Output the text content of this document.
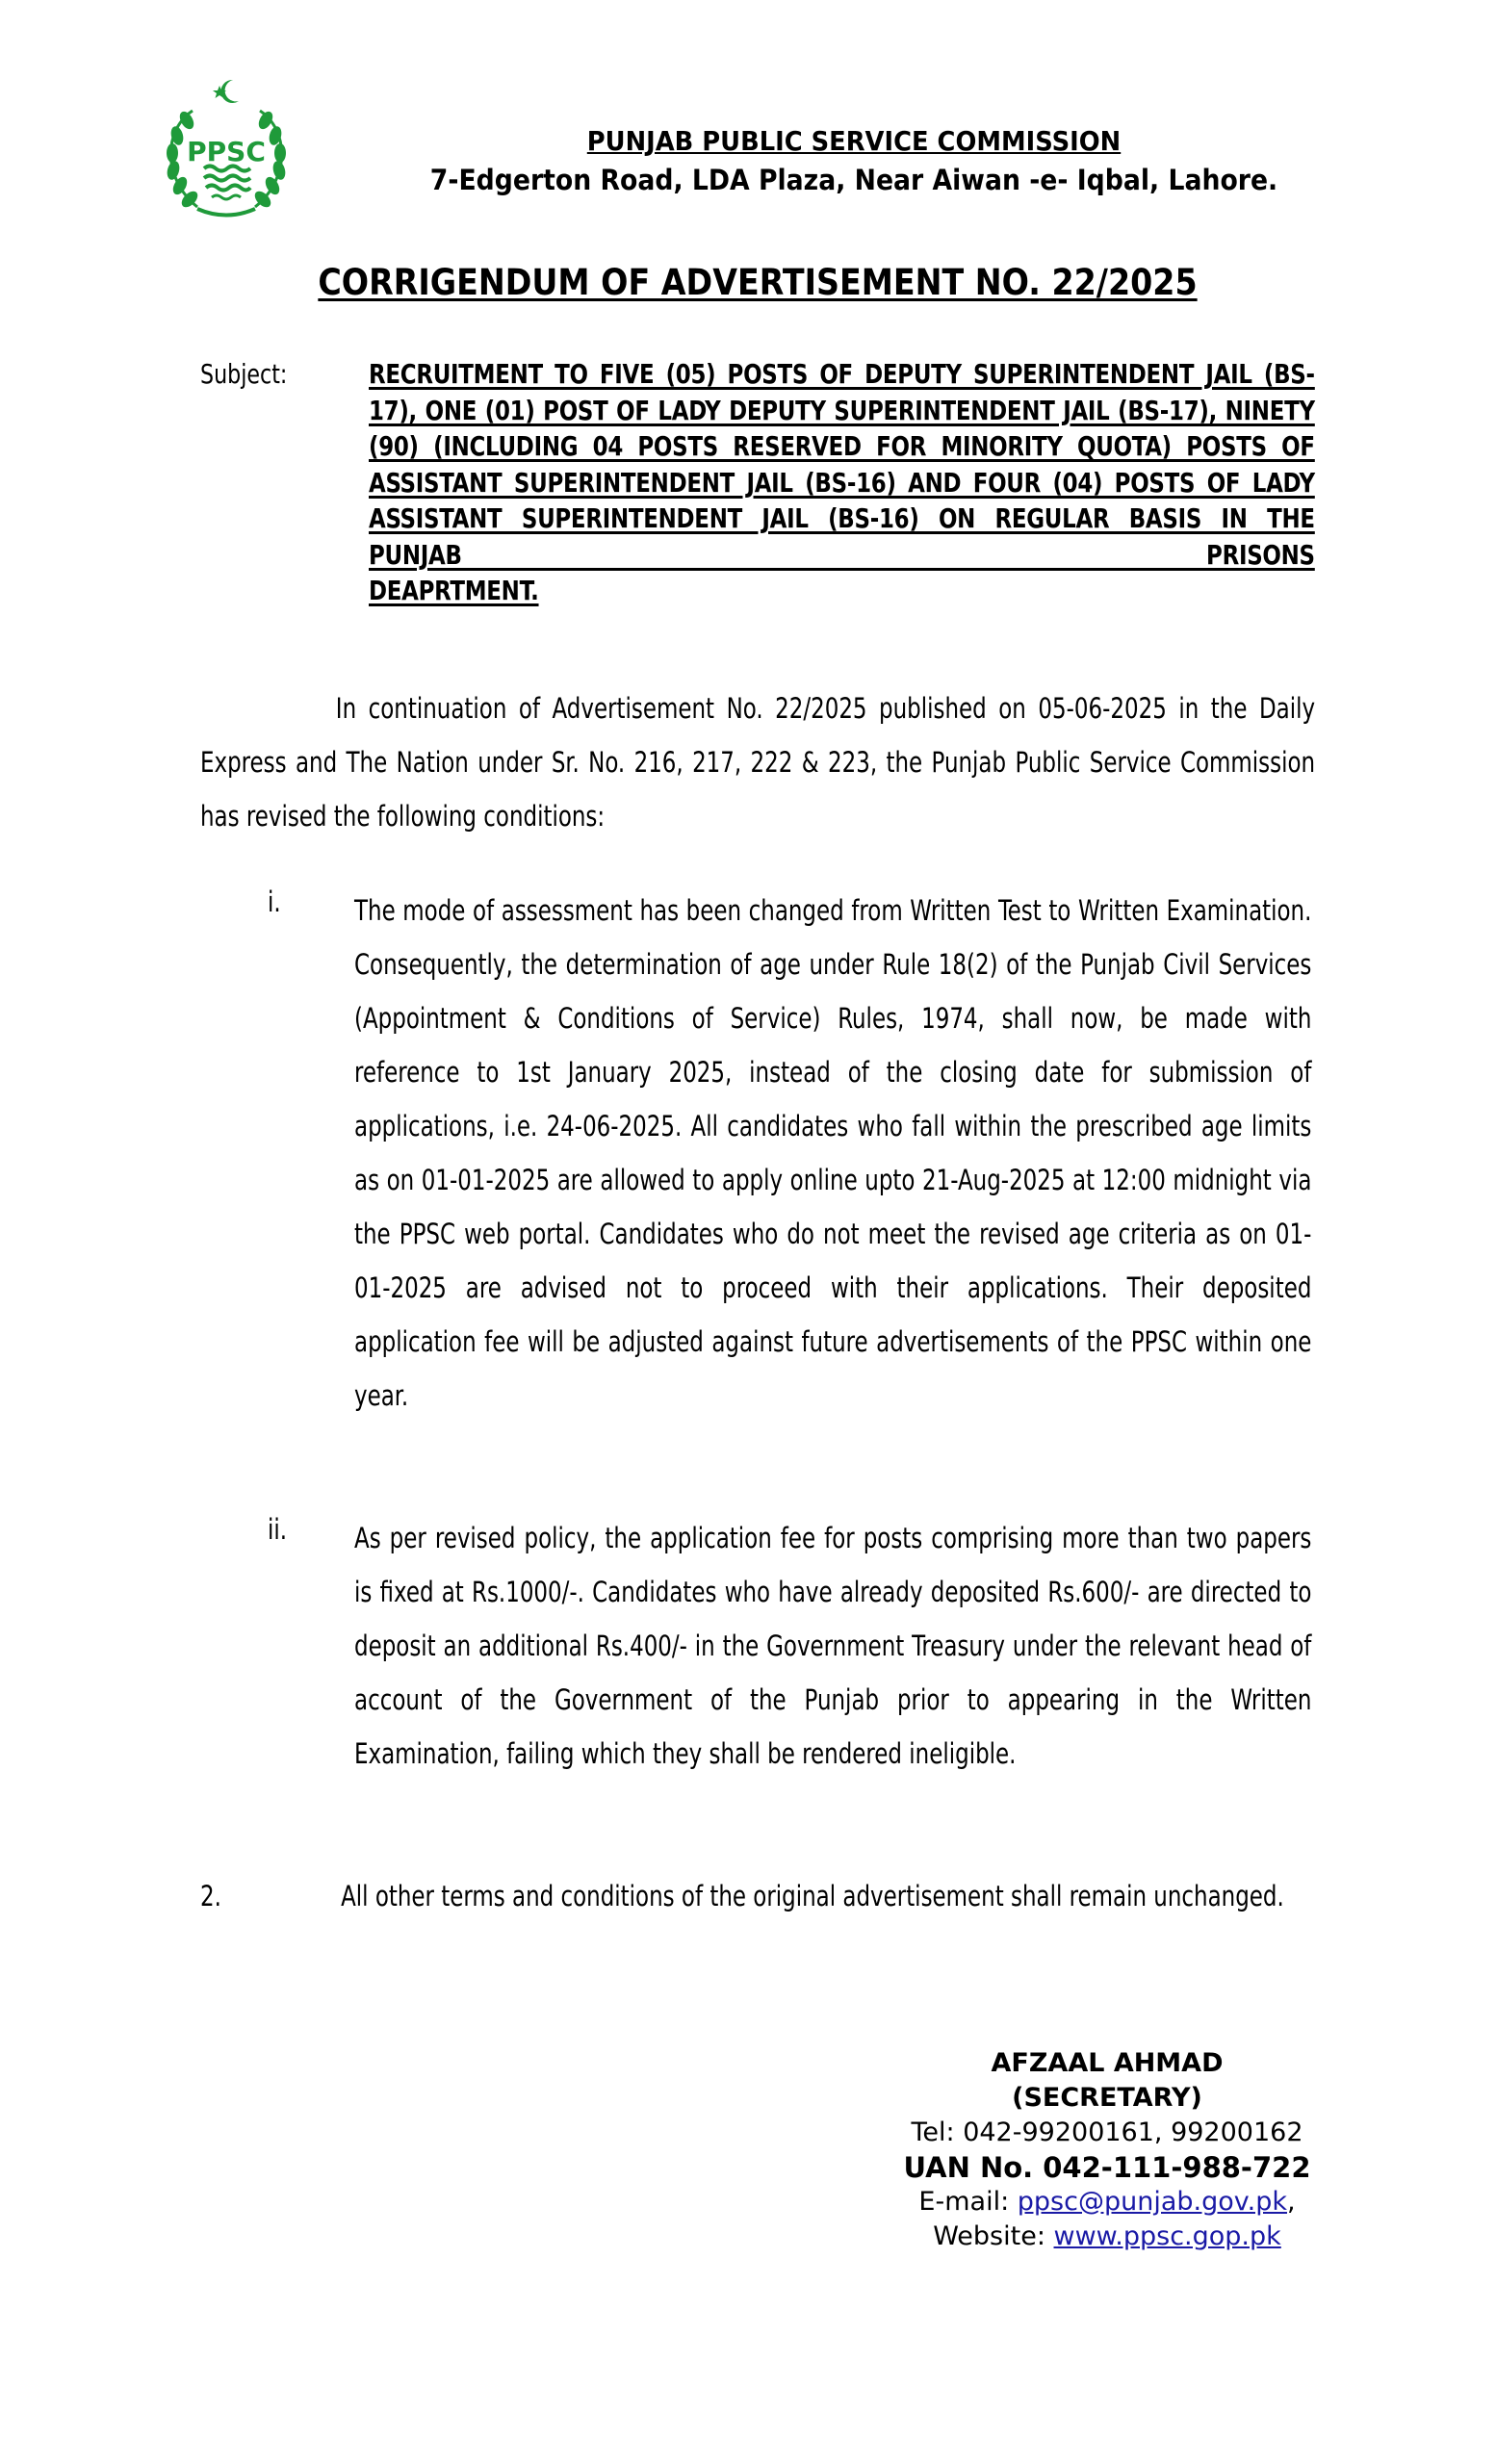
PPSC	PUNJAB PUBLIC SERVICE COMMISSION
7-Edgerton Road, LDA Plaza, Near Aiwan -e- Iqbal, Lahore.
CORRIGENDUM OF ADVERTISEMENT NO. 22/2025
Subject:	RECRUITMENT TO FIVE (05) POSTS OF DEPUTY SUPERINTENDENT JAIL (BS-17), ONE (01) POST OF LADY DEPUTY SUPERINTENDENT JAIL (BS-17), NINETY (90) (INCLUDING 04 POSTS RESERVED FOR MINORITY QUOTA) POSTS OF ASSISTANT SUPERINTENDENT JAIL (BS-16) AND FOUR (04) POSTS OF LADY ASSISTANT SUPERINTENDENT JAIL (BS-16) ON REGULAR BASIS IN THE PUNJAB PRISONS
DEAPRTMENT.
In continuation of Advertisement No. 22/2025 published on 05-06-2025 in the Daily Express and The Nation under Sr. No. 216, 217, 222 & 223, the Punjab Public Service Commission has revised the following conditions:
i.	The mode of assessment has been changed from Written Test to Written Examination. Consequently, the determination of age under Rule 18(2) of the Punjab Civil Services (Appointment & Conditions of Service) Rules, 1974, shall now, be made with reference to 1st January 2025, instead of the closing date for submission of applications, i.e. 24-06-2025. All candidates who fall within the prescribed age limits as on 01-01-2025 are allowed to apply online upto 21-Aug-2025 at 12:00 midnight via the PPSC web portal. Candidates who do not meet the revised age criteria as on 01-01-2025 are advised not to proceed with their applications. Their deposited application fee will be adjusted against future advertisements of the PPSC within one year.
ii. As per revised policy, the application fee for posts comprising more than two papers is fixed at Rs.1000/-. Candidates who have already deposited Rs.600/- are directed to deposit an additional Rs.400/- in the Government Treasury under the relevant head of account of the Government of the Punjab prior to appearing in the Written Examination, failing which they shall be rendered ineligible.
2.	All other terms and conditions of the original advertisement shall remain unchanged.
AFZAAL AHMAD
(SECRETARY)
Tel: 042-99200161, 99200162
UAN No. 042-111-988-722
E-mail: ppsc@punjab.gov.pk,
Website: www.ppsc.gop.pk
